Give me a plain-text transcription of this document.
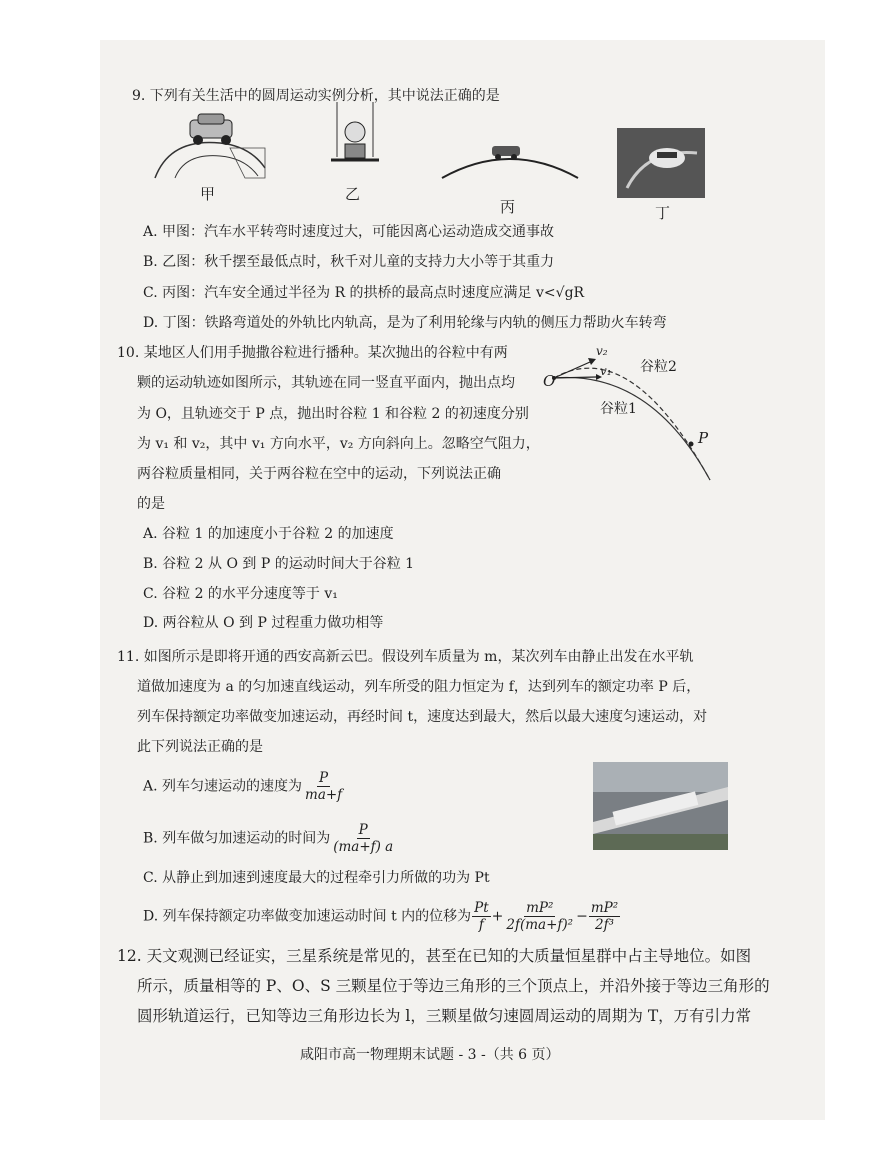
9. 下列有关生活中的圆周运动实例分析，其中说法正确的是
甲	乙
丙	丁
A. 甲图：汽车水平转弯时速度过大，可能因离心运动造成交通事故
B. 乙图：秋千摆至最低点时，秋千对儿童的支持力大小等于其重力
C. 丙图：汽车安全通过半径为 R 的拱桥的最高点时速度应满足 v<√gR
D. 丁图：铁路弯道处的外轨比内轨高，是为了利用轮缘与内轨的侧压力帮助火车转弯
10. 某地区人们用手抛撒谷粒进行播种。某次抛出的谷粒中有两
颗的运动轨迹如图所示，其轨迹在同一竖直平面内，抛出点均
为 O，且轨迹交于 P 点，抛出时谷粒 1 和谷粒 2 的初速度分别
为 v₁ 和 v₂，其中 v₁ 方向水平，v₂ 方向斜向上。忽略空气阻力，
两谷粒质量相同，关于两谷粒在空中的运动，下列说法正确
的是
O
v₂
v₁ 谷粒2
谷粒1
P
A. 谷粒 1 的加速度小于谷粒 2 的加速度
B. 谷粒 2 从 O 到 P 的运动时间大于谷粒 1
C. 谷粒 2 的水平分速度等于 v₁
D. 两谷粒从 O 到 P 过程重力做功相等
11. 如图所示是即将开通的西安高新云巴。假设列车质量为 m，某次列车由静止出发在水平轨
道做加速度为 a 的匀加速直线运动，列车所受的阻力恒定为 f，达到列车的额定功率 P 后，
列车保持额定功率做变加速运动，再经时间 t，速度达到最大，然后以最大速度匀速运动，对
此下列说法正确的是
A. 列车匀速运动的速度为 $\frac{P}{ma+f}$
B. 列车做匀加速运动的时间为 $\frac{P}{(ma+f) a}$
C. 从静止到加速到速度最大的过程牵引力所做的功为 Pt
D. 列车保持额定功率做变加速运动时间 t 内的位移为 $\frac{Pt}{f} + \frac{\text{mP²}}{\text{2f(ma+f)²}} - \frac{\text{mP²}}{\text{2f³}}$
12. 天文观测已经证实，三星系统是常见的，甚至在已知的大质量恒星群中占主导地位。如图
所示，质量相等的 P、O、S 三颗星位于等边三角形的三个顶点上，并沿外接于等边三角形的
圆形轨道运行，已知等边三角形边长为 l，三颗星做匀速圆周运动的周期为 T，万有引力常
咸阳市高一物理期末试题 - 3 -（共 6 页）
